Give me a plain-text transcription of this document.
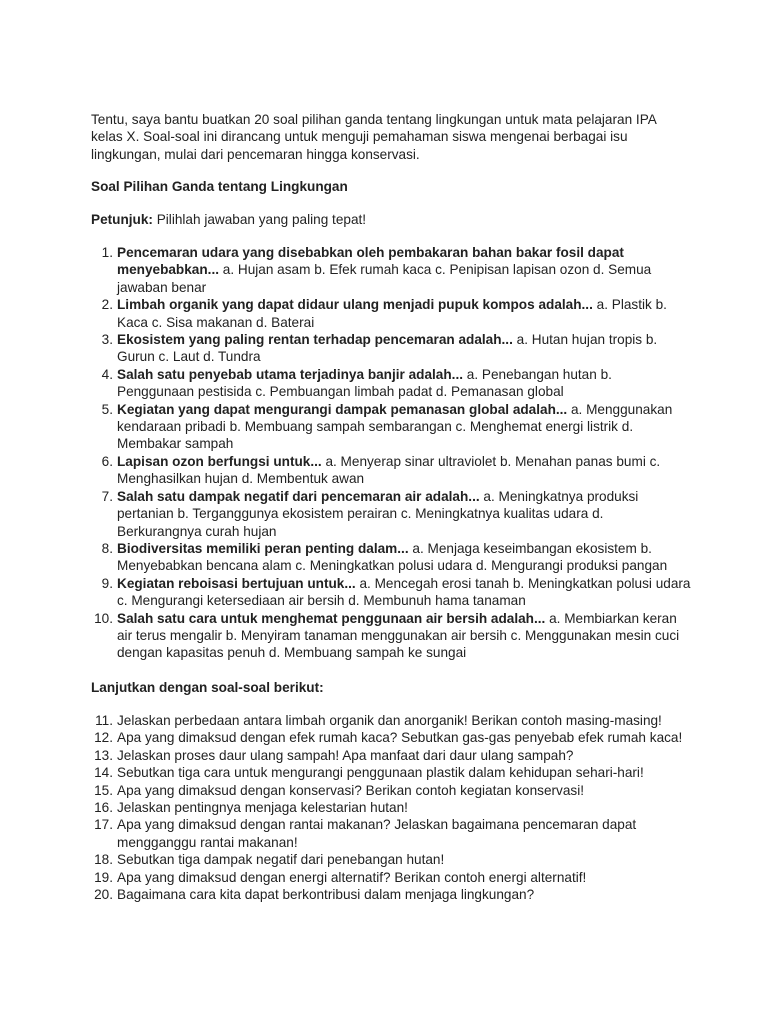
Tentu, saya bantu buatkan 20 soal pilihan ganda tentang lingkungan untuk mata pelajaran IPA kelas X. Soal-soal ini dirancang untuk menguji pemahaman siswa mengenai berbagai isu lingkungan, mulai dari pencemaran hingga konservasi.

Soal Pilihan Ganda tentang Lingkungan

Petunjuk: Pilihlah jawaban yang paling tepat!

1. Pencemaran udara yang disebabkan oleh pembakaran bahan bakar fosil dapat menyebabkan... a. Hujan asam b. Efek rumah kaca c. Penipisan lapisan ozon d. Semua jawaban benar
2. Limbah organik yang dapat didaur ulang menjadi pupuk kompos adalah... a. Plastik b. Kaca c. Sisa makanan d. Baterai
3. Ekosistem yang paling rentan terhadap pencemaran adalah... a. Hutan hujan tropis b. Gurun c. Laut d. Tundra
4. Salah satu penyebab utama terjadinya banjir adalah... a. Penebangan hutan b. Penggunaan pestisida c. Pembuangan limbah padat d. Pemanasan global
5. Kegiatan yang dapat mengurangi dampak pemanasan global adalah... a. Menggunakan kendaraan pribadi b. Membuang sampah sembarangan c. Menghemat energi listrik d. Membakar sampah
6. Lapisan ozon berfungsi untuk... a. Menyerap sinar ultraviolet b. Menahan panas bumi c. Menghasilkan hujan d. Membentuk awan
7. Salah satu dampak negatif dari pencemaran air adalah... a. Meningkatnya produksi pertanian b. Terganggunya ekosistem perairan c. Meningkatnya kualitas udara d. Berkurangnya curah hujan
8. Biodiversitas memiliki peran penting dalam... a. Menjaga keseimbangan ekosistem b. Menyebabkan bencana alam c. Meningkatkan polusi udara d. Mengurangi produksi pangan
9. Kegiatan reboisasi bertujuan untuk... a. Mencegah erosi tanah b. Meningkatkan polusi udara c. Mengurangi ketersediaan air bersih d. Membunuh hama tanaman
10. Salah satu cara untuk menghemat penggunaan air bersih adalah... a. Membiarkan keran air terus mengalir b. Menyiram tanaman menggunakan air bersih c. Menggunakan mesin cuci dengan kapasitas penuh d. Membuang sampah ke sungai

Lanjutkan dengan soal-soal berikut:

11. Jelaskan perbedaan antara limbah organik dan anorganik! Berikan contoh masing-masing!
12. Apa yang dimaksud dengan efek rumah kaca? Sebutkan gas-gas penyebab efek rumah kaca!
13. Jelaskan proses daur ulang sampah! Apa manfaat dari daur ulang sampah?
14. Sebutkan tiga cara untuk mengurangi penggunaan plastik dalam kehidupan sehari-hari!
15. Apa yang dimaksud dengan konservasi? Berikan contoh kegiatan konservasi!
16. Jelaskan pentingnya menjaga kelestarian hutan!
17. Apa yang dimaksud dengan rantai makanan? Jelaskan bagaimana pencemaran dapat mengganggu rantai makanan!
18. Sebutkan tiga dampak negatif dari penebangan hutan!
19. Apa yang dimaksud dengan energi alternatif? Berikan contoh energi alternatif!
20. Bagaimana cara kita dapat berkontribusi dalam menjaga lingkungan?
